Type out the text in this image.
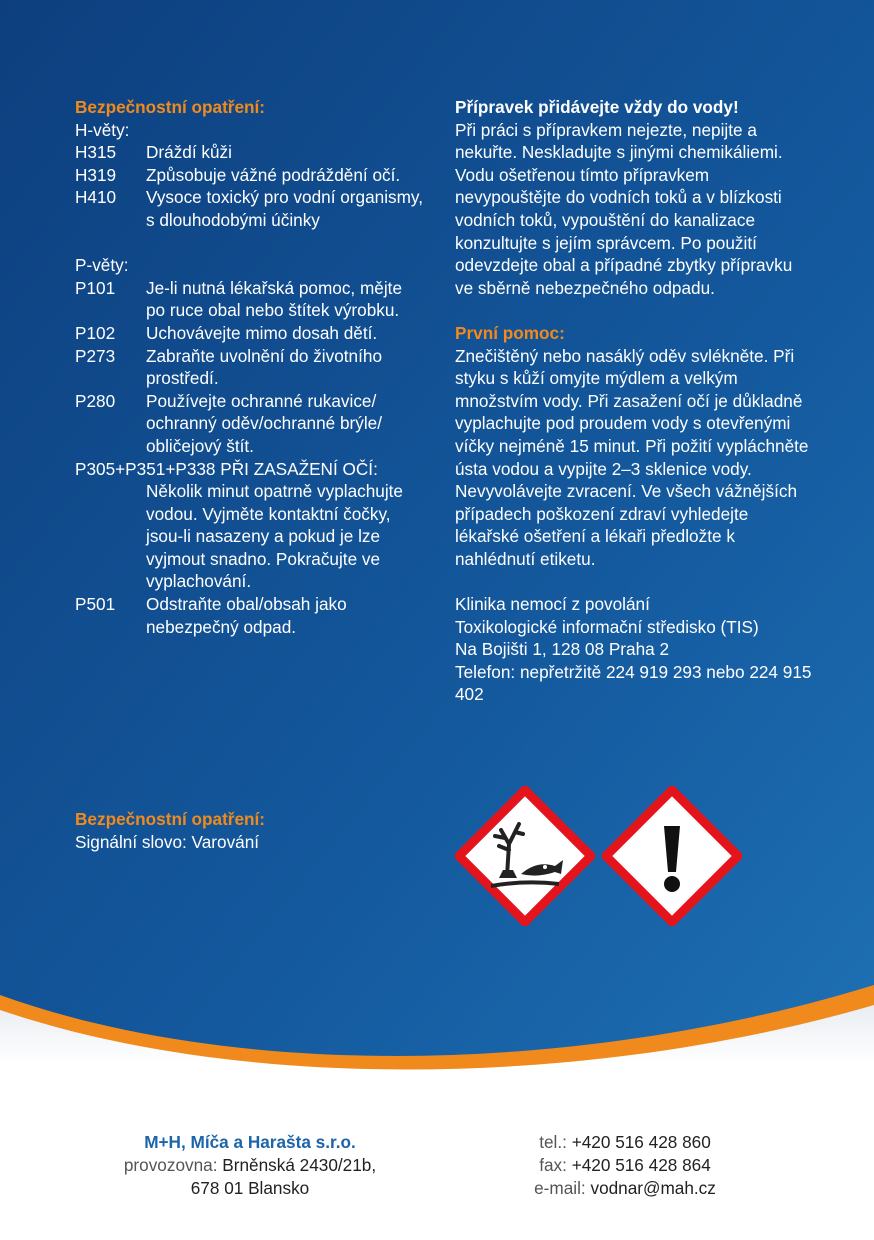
Bezpečnostní opatření:
H-věty:
H315	Dráždí kůži
H319	Způsobuje vážné podráždění očí.
H410	Vysoce toxický pro vodní organismy, s dlouhodobými účinky
P-věty:
P101	Je-li nutná lékařská pomoc, mějte po ruce obal nebo štítek výrobku.
P102	Uchovávejte mimo dosah dětí.
P273	Zabraňte uvolnění do životního prostředí.
P280	Používejte ochranné rukavice/ ochranný oděv/ochranné brýle/ obličejový štít.
P305+P351+P338 PŘI ZASAŽENÍ OČÍ:
Několik minut opatrně vyplachujte vodou. Vyjměte kontaktní čočky, jsou-li nasazeny a pokud je lze vyjmout snadno. Pokračujte ve vyplachování.
P501	Odstraňte obal/obsah jako nebezpečný odpad.
Přípravek přidávejte vždy do vody!
Při práci s přípravkem nejezte, nepijte a nekuřte. Neskladujte s jinými chemikáliemi. Vodu ošetřenou tímto přípravkem nevypouštějte do vodních toků a v blízkosti vodních toků, vypouštění do kanalizace konzultujte s jejím správcem. Po použití odevzdejte obal a případné zbytky přípravku ve sběrně nebezpečného odpadu.
První pomoc:
Znečištěný nebo nasáklý oděv svlékněte. Při styku s kůží omyjte mýdlem a velkým množstvím vody. Při zasažení očí je důkladně vyplachujte pod proudem vody s otevřenými víčky nejméně 15 minut. Při požití vypláchněte ústa vodou a vypijte 2–3 sklenice vody. Nevyvolávejte zvracení. Ve všech vážnějších případech poškození zdraví vyhledejte lékařské ošetření a lékaři předložte k nahlédnutí etiketu.
Klinika nemocí z povolání
Toxikologické informační středisko (TIS)
Na Bojišti 1, 128 08 Praha 2
Telefon: nepřetržitě 224 919 293 nebo 224 915 402
Bezpečnostní opatření:
Signální slovo: Varování
M+H, Míča a Harašta s.r.o.
provozovna: Brněnská 2430/21b,
678 01 Blansko
tel.: +420 516 428 860
fax: +420 516 428 864
e-mail: vodnar@mah.cz
